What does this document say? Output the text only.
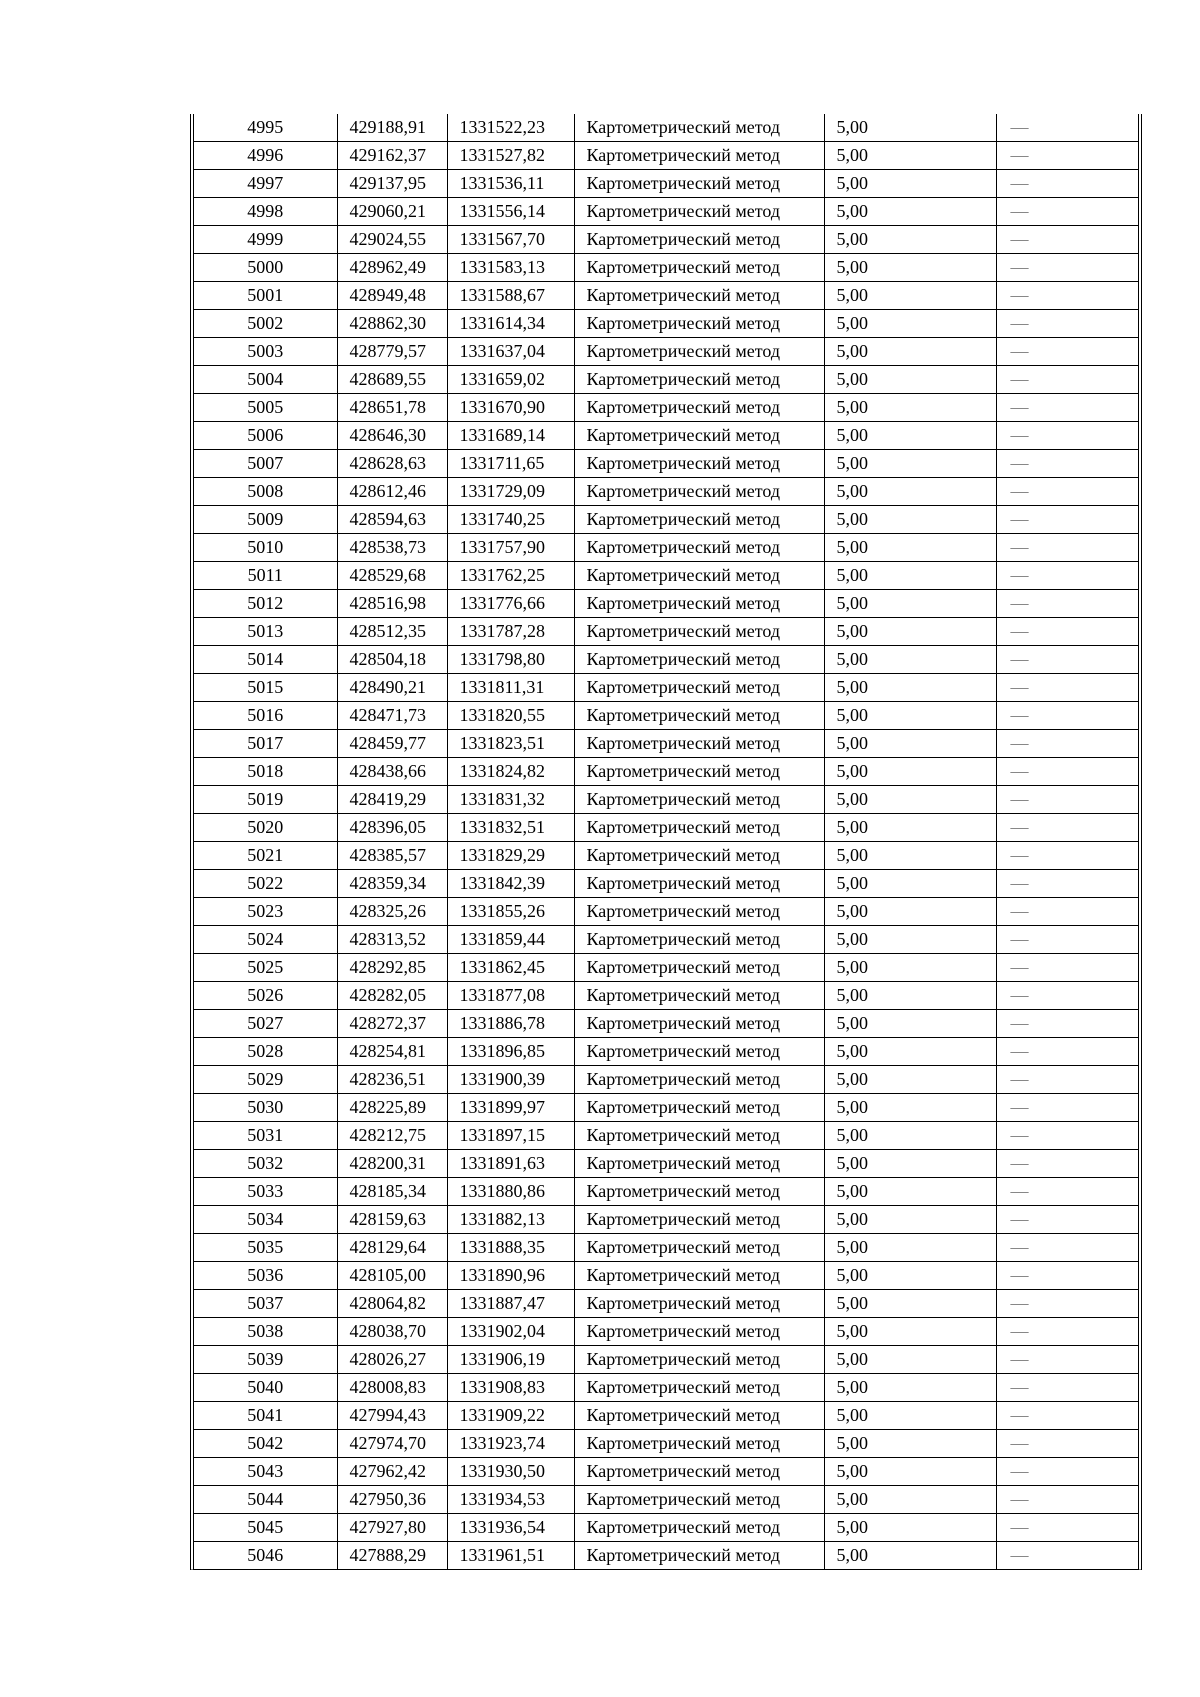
4995	429188,91	1331522,23	Картометрический метод	5,00	—
4996	429162,37	1331527,82	Картометрический метод	5,00	—
4997	429137,95	1331536,11	Картометрический метод	5,00	—
4998	429060,21	1331556,14	Картометрический метод	5,00	—
4999	429024,55	1331567,70	Картометрический метод	5,00	—
5000	428962,49	1331583,13	Картометрический метод	5,00	—
5001	428949,48	1331588,67	Картометрический метод	5,00	—
5002	428862,30	1331614,34	Картометрический метод	5,00	—
5003	428779,57	1331637,04	Картометрический метод	5,00	—
5004	428689,55	1331659,02	Картометрический метод	5,00	—
5005	428651,78	1331670,90	Картометрический метод	5,00	—
5006	428646,30	1331689,14	Картометрический метод	5,00	—
5007	428628,63	1331711,65	Картометрический метод	5,00	—
5008	428612,46	1331729,09	Картометрический метод	5,00	—
5009	428594,63	1331740,25	Картометрический метод	5,00	—
5010	428538,73	1331757,90	Картометрический метод	5,00	—
5011	428529,68	1331762,25	Картометрический метод	5,00	—
5012	428516,98	1331776,66	Картометрический метод	5,00	—
5013	428512,35	1331787,28	Картометрический метод	5,00	—
5014	428504,18	1331798,80	Картометрический метод	5,00	—
5015	428490,21	1331811,31	Картометрический метод	5,00	—
5016	428471,73	1331820,55	Картометрический метод	5,00	—
5017	428459,77	1331823,51	Картометрический метод	5,00	—
5018	428438,66	1331824,82	Картометрический метод	5,00	—
5019	428419,29	1331831,32	Картометрический метод	5,00	—
5020	428396,05	1331832,51	Картометрический метод	5,00	—
5021	428385,57	1331829,29	Картометрический метод	5,00	—
5022	428359,34	1331842,39	Картометрический метод	5,00	—
5023	428325,26	1331855,26	Картометрический метод	5,00	—
5024	428313,52	1331859,44	Картометрический метод	5,00	—
5025	428292,85	1331862,45	Картометрический метод	5,00	—
5026	428282,05	1331877,08	Картометрический метод	5,00	—
5027	428272,37	1331886,78	Картометрический метод	5,00	—
5028	428254,81	1331896,85	Картометрический метод	5,00	—
5029	428236,51	1331900,39	Картометрический метод	5,00	—
5030	428225,89	1331899,97	Картометрический метод	5,00	—
5031	428212,75	1331897,15	Картометрический метод	5,00	—
5032	428200,31	1331891,63	Картометрический метод	5,00	—
5033	428185,34	1331880,86	Картометрический метод	5,00	—
5034	428159,63	1331882,13	Картометрический метод	5,00	—
5035	428129,64	1331888,35	Картометрический метод	5,00	—
5036	428105,00	1331890,96	Картометрический метод	5,00	—
5037	428064,82	1331887,47	Картометрический метод	5,00	—
5038	428038,70	1331902,04	Картометрический метод	5,00	—
5039	428026,27	1331906,19	Картометрический метод	5,00	—
5040	428008,83	1331908,83	Картометрический метод	5,00	—
5041	427994,43	1331909,22	Картометрический метод	5,00	—
5042	427974,70	1331923,74	Картометрический метод	5,00	—
5043	427962,42	1331930,50	Картометрический метод	5,00	—
5044	427950,36	1331934,53	Картометрический метод	5,00	—
5045	427927,80	1331936,54	Картометрический метод	5,00	—
5046	427888,29	1331961,51	Картометрический метод	5,00	—
